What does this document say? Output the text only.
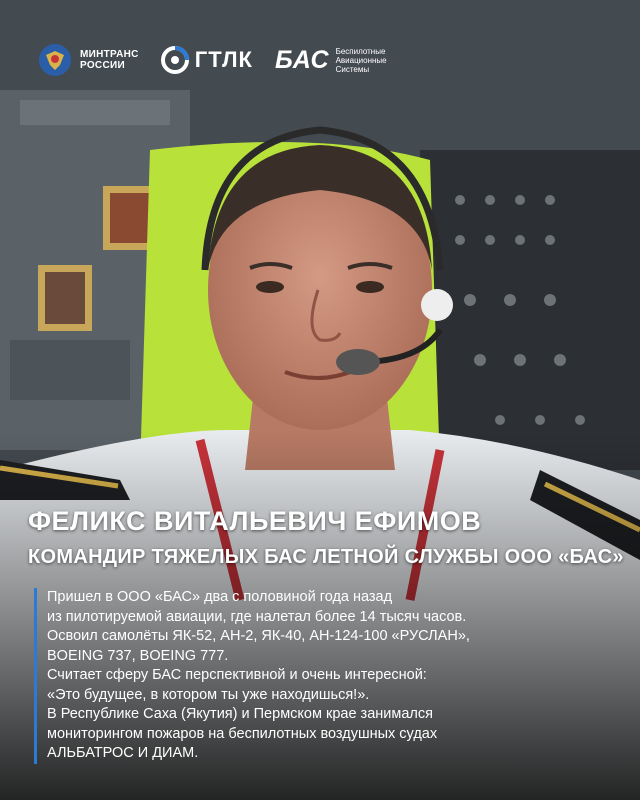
МИНТРАНС
РОССИИ	ГТЛК БАС Беспилотные
Авиационные
Системы
ФЕЛИКС ВИТАЛЬЕВИЧ ЕФИМОВ
КОМАНДИР ТЯЖЕЛЫХ БАС ЛЕТНОЙ СЛУЖБЫ ООО «БАС»
Пришел в ООО «БАС» два с половиной года назад
из пилотируемой авиации, где налетал более 14 тысяч часов.
Освоил самолёты ЯК-52, АН-2, ЯК-40, АН-124-100 «РУСЛАН»,
BOEING 737, BOEING 777.
Считает сферу БАС перспективной и очень интересной:
«Это будущее, в котором ты уже находишься!».
В Республике Саха (Якутия) и Пермском крае занимался
мониторингом пожаров на беспилотных воздушных судах
АЛЬБАТРОС И ДИАМ.
